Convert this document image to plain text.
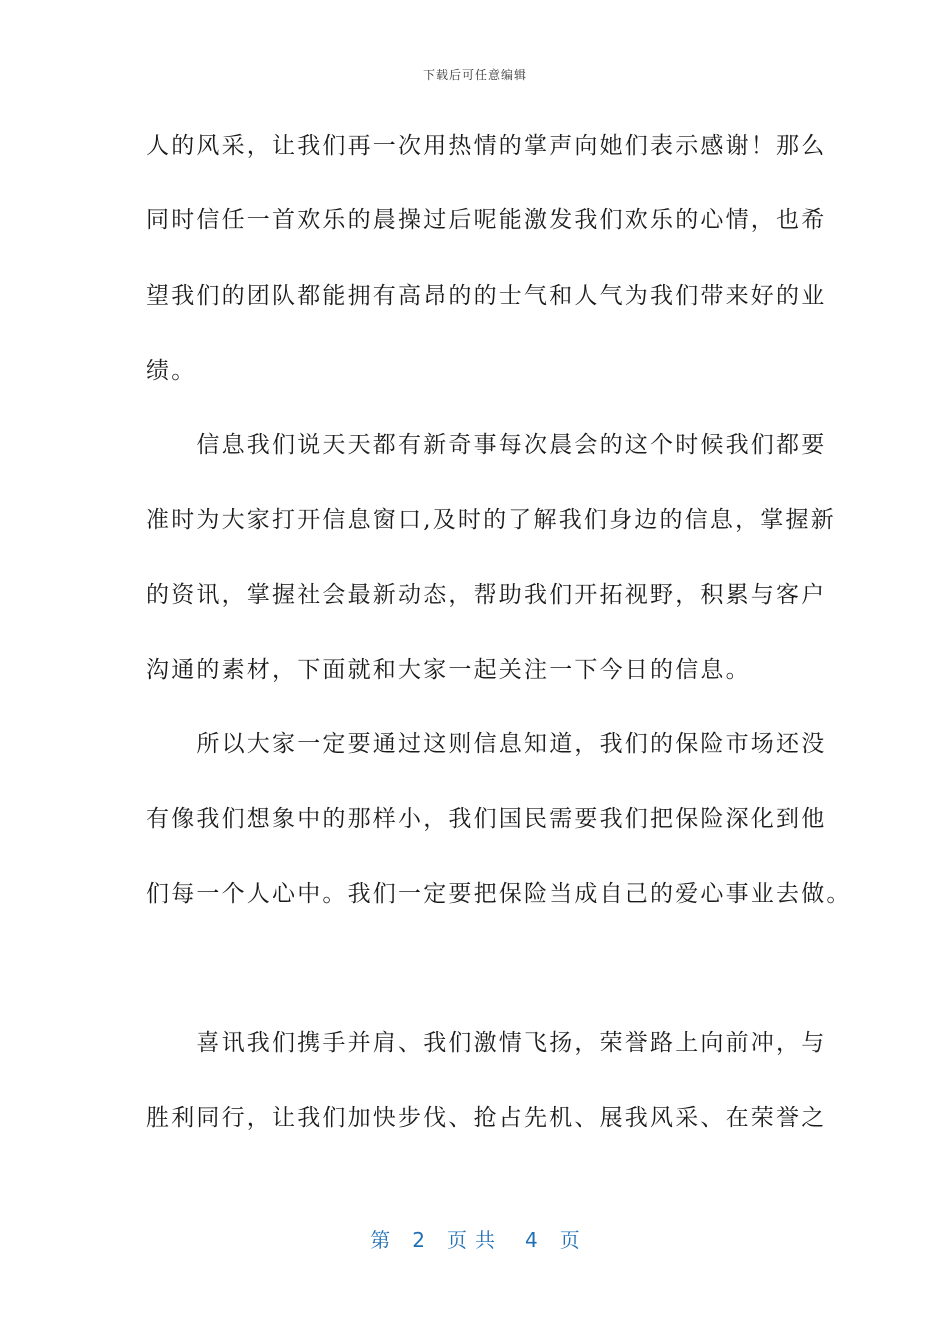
下载后可任意编辑
人的风采，让我们再一次用热情的掌声向她们表示感谢！那么
同时信任一首欢乐的晨操过后呢能激发我们欢乐的心情，也希
望我们的团队都能拥有高昂的的士气和人气为我们带来好的业
绩。
　　信息我们说天天都有新奇事每次晨会的这个时候我们都要
准时为大家打开信息窗口,及时的了解我们身边的信息，掌握新
的资讯，掌握社会最新动态，帮助我们开拓视野，积累与客户
沟通的素材，下面就和大家一起关注一下今日的信息。
　　所以大家一定要通过这则信息知道，我们的保险市场还没
有像我们想象中的那样小，我们国民需要我们把保险深化到他
们每一个人心中。我们一定要把保险当成自己的爱心事业去做。
　　喜讯我们携手并肩、我们激情飞扬，荣誉路上向前冲，与
胜利同行，让我们加快步伐、抢占先机、展我风采、在荣誉之
第 2 页共 4 页
